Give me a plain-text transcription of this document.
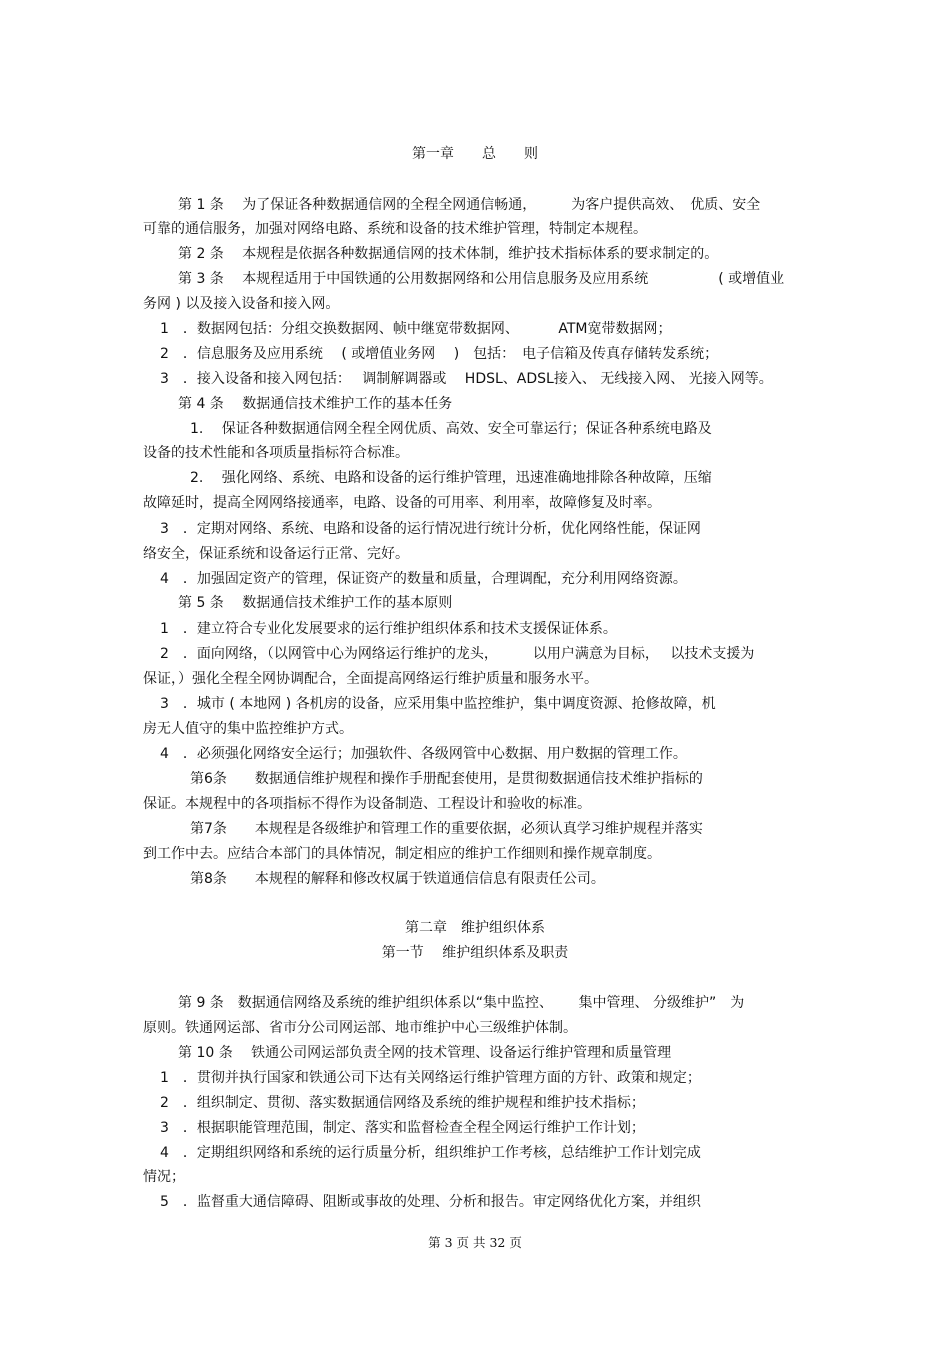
第一章　　总　　则
第 1 条　 为了保证各种数据通信网的全程全网通信畅通，　　　为客户提供高效、　优质、安全
可靠的通信服务，加强对网络电路、系统和设备的技术维护管理，特制定本规程。
第 2 条　 本规程是依据各种数据通信网的技术体制，维护技术指标体系的要求制定的。
第 3 条　 本规程适用于中国铁通的公用数据网络和公用信息服务及应用系统　　　　　( 或增值业
务网 ) 以及接入设备和接入网。
1　．数据网包括：分组交换数据网、帧中继宽带数据网、　　　 ATM宽带数据网；
2　．信息服务及应用系统　 ( 或增值业务网　 )　包括：　电子信箱及传真存储转发系统；
3　．接入设备和接入网包括：　 调制解调器或　 HDSL、ADSL接入、 无线接入网、 光接入网等。
第 4 条　 数据通信技术维护工作的基本任务
1.　 保证各种数据通信网全程全网优质、高效、安全可靠运行；保证各种系统电路及
设备的技术性能和各项质量指标符合标准。
2.　 强化网络、系统、电路和设备的运行维护管理，迅速准确地排除各种故障，压缩
故障延时，提高全网网络接通率，电路、设备的可用率、利用率，故障修复及时率。
3　．定期对网络、系统、电路和设备的运行情况进行统计分析，优化网络性能，保证网
络安全，保证系统和设备运行正常、完好。
4　．加强固定资产的管理，保证资产的数量和质量，合理调配，充分利用网络资源。
第 5 条　 数据通信技术维护工作的基本原则
1　．建立符合专业化发展要求的运行维护组织体系和技术支援保证体系。
2　．面向网络，（以网管中心为网络运行维护的龙头，　　　以用户满意为目标，　 以技术支援为
保证，）强化全程全网协调配合，全面提高网络运行维护质量和服务水平。
3　．城市 ( 本地网 ) 各机房的设备，应采用集中监控维护，集中调度资源、抢修故障，机
房无人值守的集中监控维护方式。
4　．必须强化网络安全运行；加强软件、各级网管中心数据、用户数据的管理工作。
第6条　　数据通信维护规程和操作手册配套使用，是贯彻数据通信技术维护指标的
保证。本规程中的各项指标不得作为设备制造、工程设计和验收的标准。
第7条　　本规程是各级维护和管理工作的重要依据，必须认真学习维护规程并落实
到工作中去。应结合本部门的具体情况，制定相应的维护工作细则和操作规章制度。
第8条　　本规程的解释和修改权属于铁道通信信息有限责任公司。
第二章　维护组织体系
第一节　 维护组织体系及职责
第 9 条　数据通信网络及系统的维护组织体系以“集中监控、　　 集中管理、 分级维护”　为
原则。铁通网运部、省市分公司网运部、地市维护中心三级维护体制。
第 10 条　 铁通公司网运部负责全网的技术管理、设备运行维护管理和质量管理
1　．贯彻并执行国家和铁通公司下达有关网络运行维护管理方面的方针、政策和规定；
2　．组织制定、贯彻、落实数据通信网络及系统的维护规程和维护技术指标；
3　．根据职能管理范围，制定、落实和监督检查全程全网运行维护工作计划；
4　．定期组织网络和系统的运行质量分析，组织维护工作考核，总结维护工作计划完成
情况；
5　．监督重大通信障碍、阻断或事故的处理、分析和报告。审定网络优化方案，并组织
第 3 页 共 32 页
